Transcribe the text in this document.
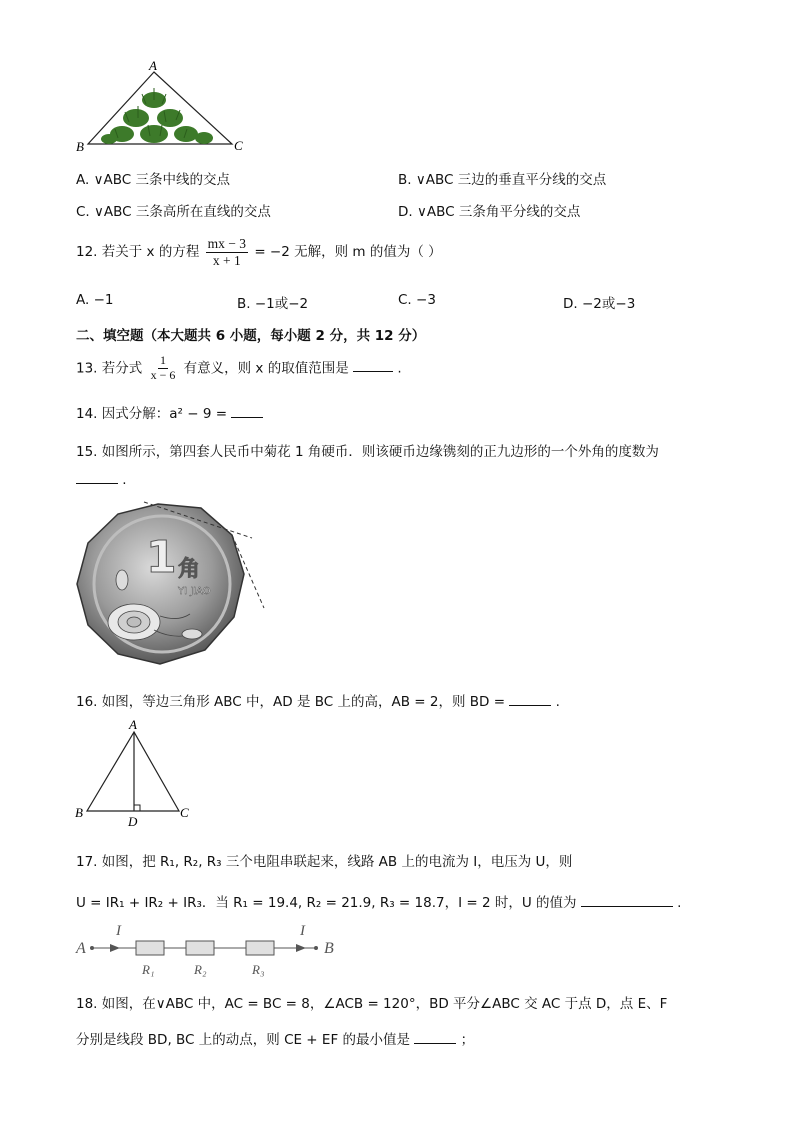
A
B	C
A. ∨ABC 三条中线的交点	B. ∨ABC 三边的垂直平分线的交点
C. ∨ABC 三条高所在直线的交点	D. ∨ABC 三条角平分线的交点
12. 若关于 x 的方程 $\frac{mx - 3}{x + 1} = -2$ 无解，则 m 的值为（ ）
A. −1	B. −1或−2	C. −3	D. −2或−3
二、填空题（本大题共 6 小题，每小题 2 分，共 12 分）
13. 若分式 $\frac{1}{x - 6}$ 有意义，则 x 的取值范围是	.
14. 因式分解：a² − 9 =
15. 如图所示，第四套人民币中菊花 1 角硬币．则该硬币边缘镌刻的正九边形的一个外角的度数为
.
1 角
YI JIAO
16. 如图，等边三角形 ABC 中，AD 是 BC 上的高，AB = 2，则 BD =	.
A
B	C
D
17. 如图，把 R₁, R₂, R₃ 三个电阻串联起来，线路 AB 上的电流为 I，电压为 U，则
U = IR₁ + IR₂ + IR₃．当 R₁ = 19.4, R₂ = 21.9, R₃ = 18.7，I = 2 时，U 的值为	.
A
I	I
B
R₁	R₂	R₃
18. 如图，在∨ABC 中，AC = BC = 8，∠ACB = 120°，BD 平分∠ABC 交 AC 于点 D，点 E、F
分别是线段 BD, BC 上的动点，则 CE + EF 的最小值是	；
